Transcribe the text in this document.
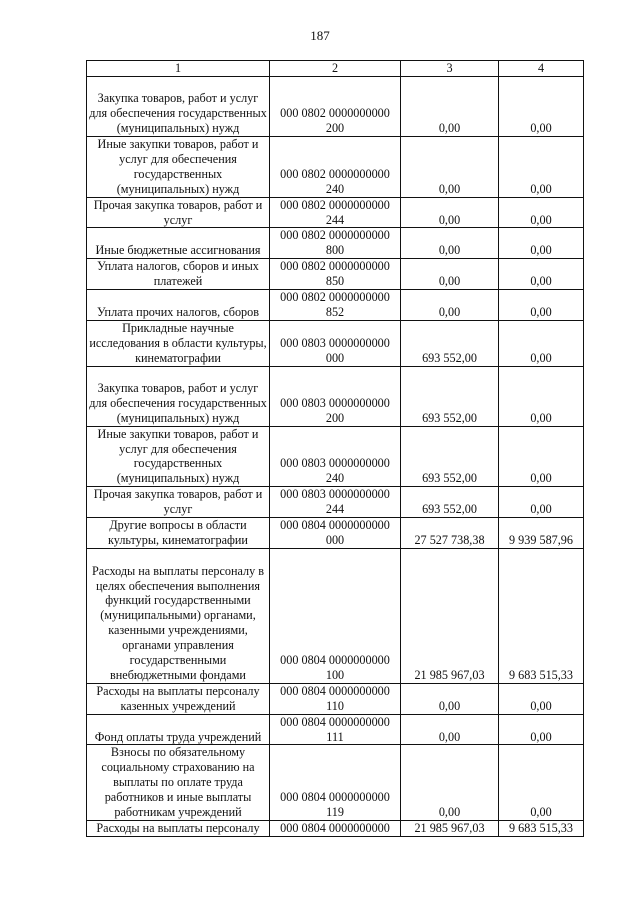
187
1	2	3	4
Закупка товаров, работ и услуг для обеспечения государственных (муниципальных) нужд	000 0802 0000000000 200	0,00	0,00
Иные закупки товаров, работ и услуг для обеспечения государственных (муниципальных) нужд	000 0802 0000000000 240	0,00	0,00
Прочая закупка товаров, работ и услуг	000 0802 0000000000 244	0,00	0,00
Иные бюджетные ассигнования	000 0802 0000000000 800	0,00	0,00
Уплата налогов, сборов и иных платежей	000 0802 0000000000 850	0,00	0,00
Уплата прочих налогов, сборов	000 0802 0000000000 852	0,00	0,00
Прикладные научные исследования в области культуры, кинематографии	000 0803 0000000000 000	693 552,00	0,00
Закупка товаров, работ и услуг для обеспечения государственных (муниципальных) нужд	000 0803 0000000000 200	693 552,00	0,00
Иные закупки товаров, работ и услуг для обеспечения государственных (муниципальных) нужд	000 0803 0000000000 240	693 552,00	0,00
Прочая закупка товаров, работ и услуг	000 0803 0000000000 244	693 552,00	0,00
Другие вопросы в области культуры, кинематографии	000 0804 0000000000 000	27 527 738,38	9 939 587,96
Расходы на выплаты персоналу в целях обеспечения выполнения функций государственными (муниципальными) органами, казенными учреждениями, органами управления государственными внебюджетными фондами	000 0804 0000000000 100	21 985 967,03	9 683 515,33
Расходы на выплаты персоналу казенных учреждений	000 0804 0000000000 110	0,00	0,00
Фонд оплаты труда учреждений	000 0804 0000000000 111	0,00	0,00
Взносы по обязательному социальному страхованию на выплаты по оплате труда работников и иные выплаты работникам учреждений	000 0804 0000000000 119	0,00	0,00
Расходы на выплаты персоналу	000 0804 0000000000	21 985 967,03	9 683 515,33
